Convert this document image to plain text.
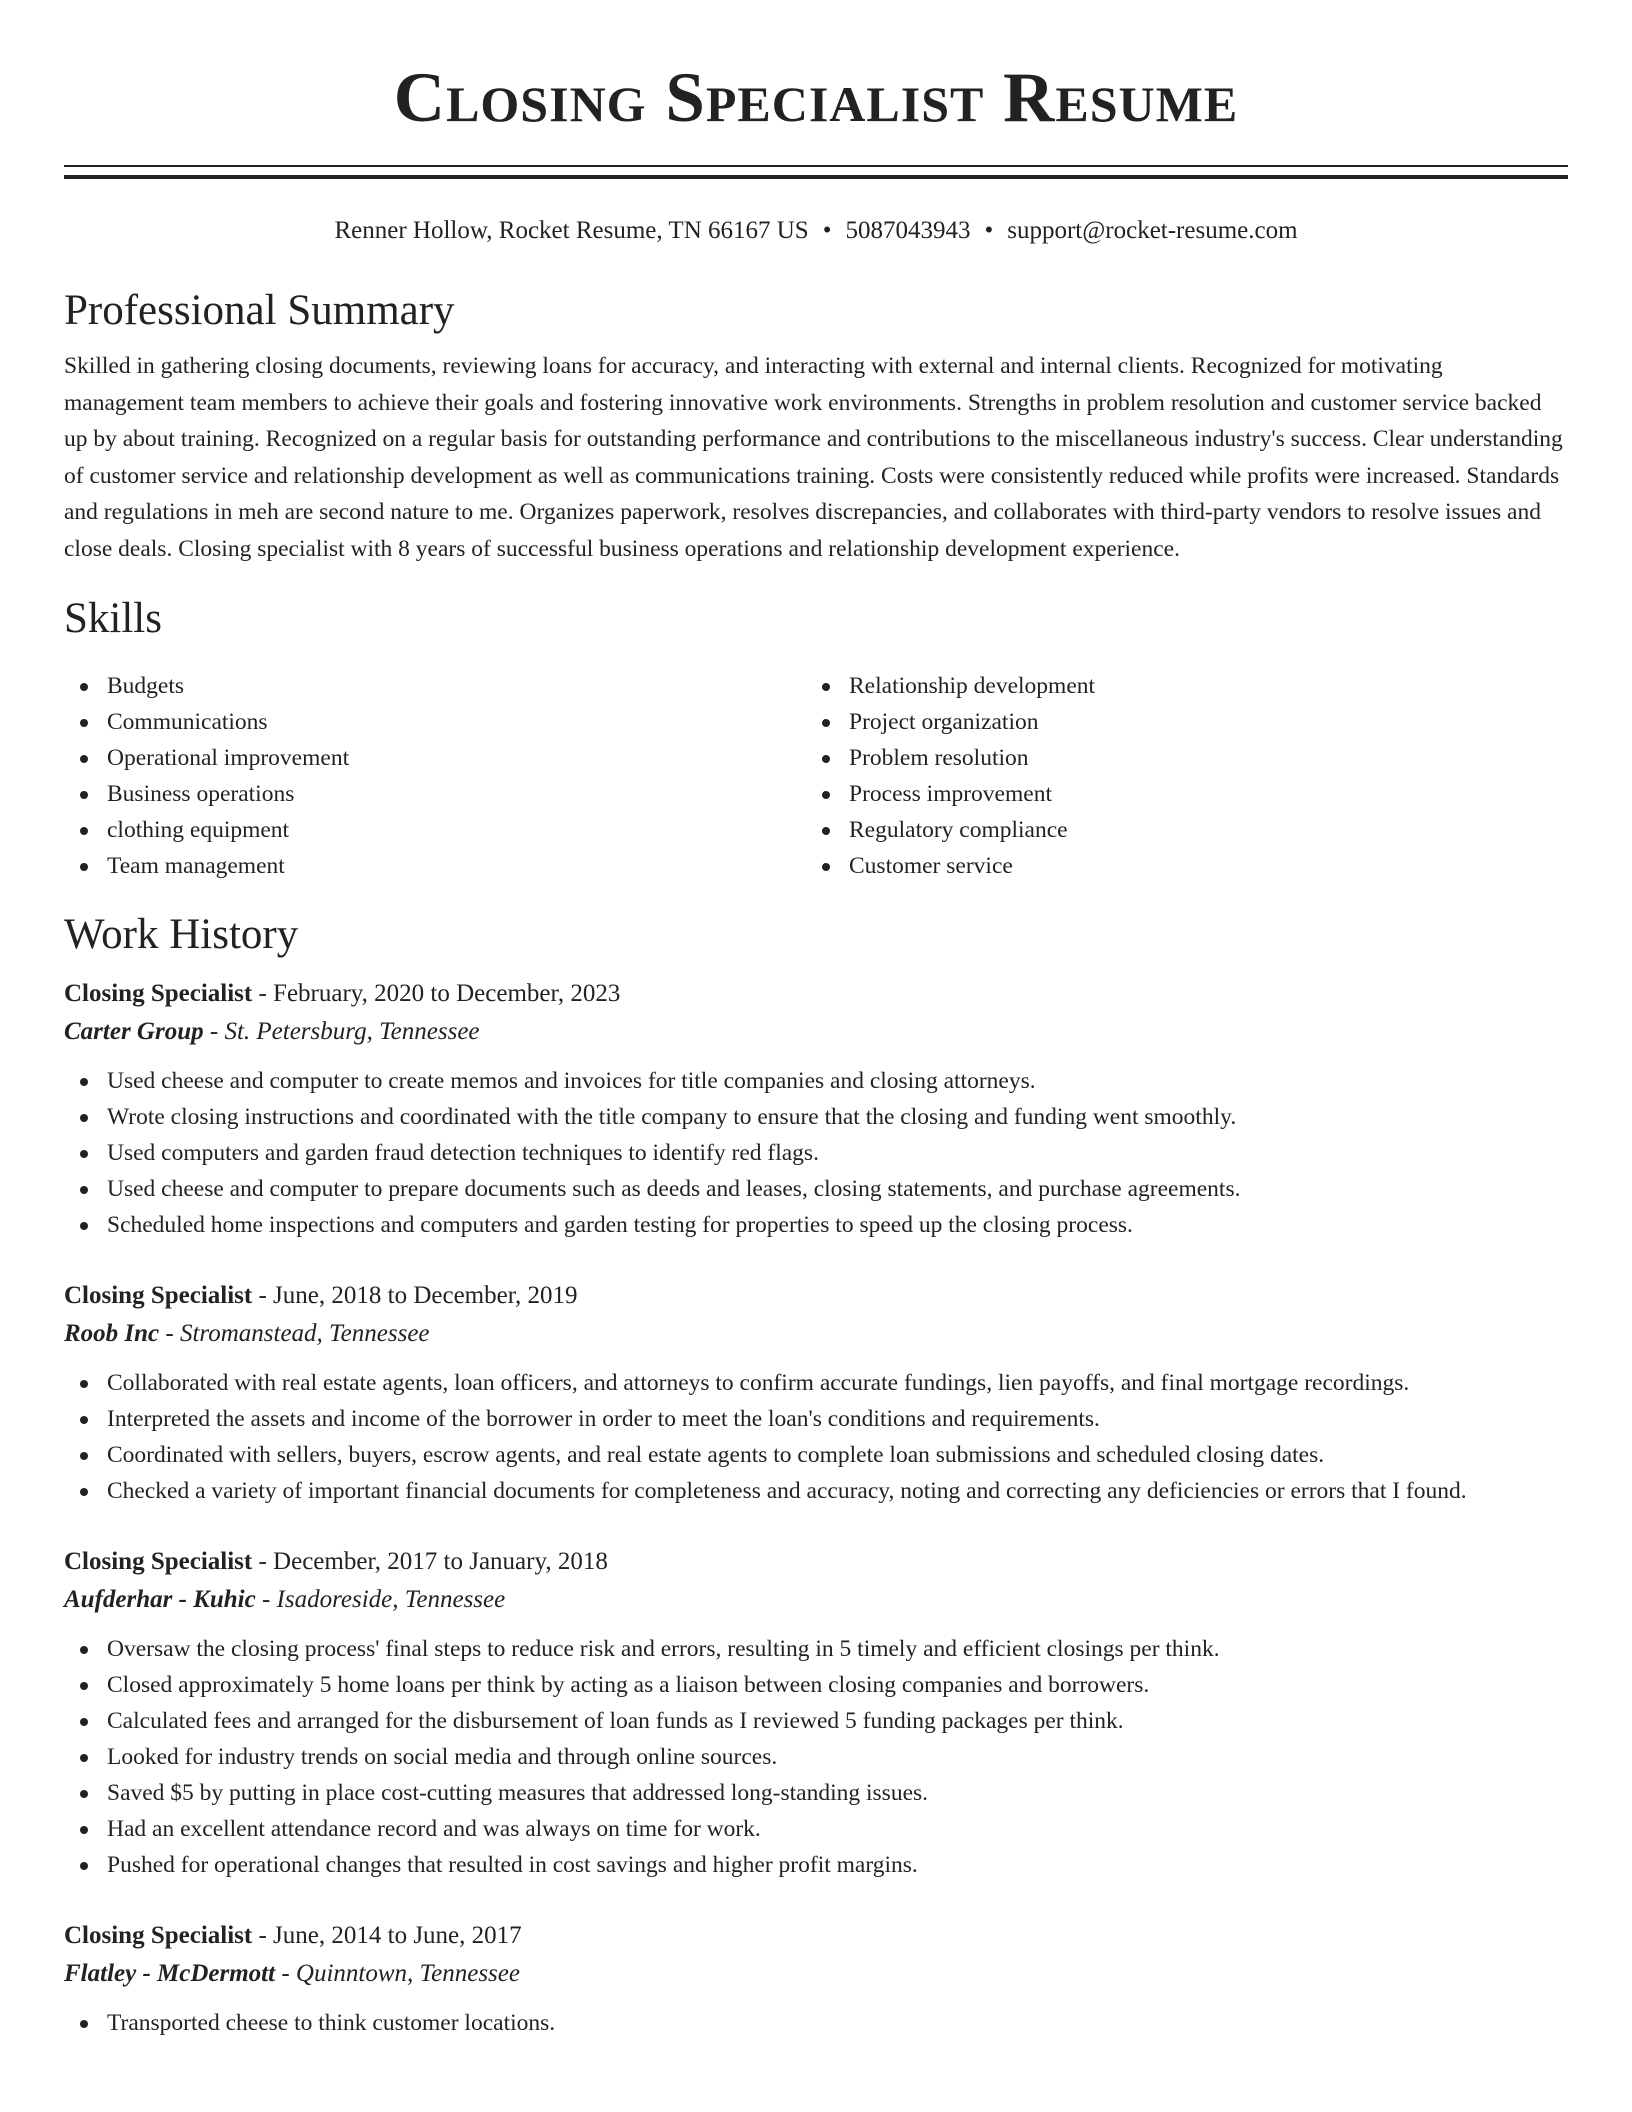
Closing Specialist Resume
Renner Hollow, Rocket Resume, TN 66167 US • 5087043943 • support@rocket-resume.com
Professional Summary

Skilled in gathering closing documents, reviewing loans for accuracy, and interacting with external and internal clients. Recognized for motivating management team members to achieve their goals and fostering innovative work environments. Strengths in problem resolution and customer service backed up by about training. Recognized on a regular basis for outstanding performance and contributions to the miscellaneous industry's success. Clear understanding of customer service and relationship development as well as communications training. Costs were consistently reduced while profits were increased. Standards and regulations in meh are second nature to me. Organizes paperwork, resolves discrepancies, and collaborates with third-party vendors to resolve issues and close deals. Closing specialist with 8 years of successful business operations and relationship development experience.

Skills
Budgets
Communications
Operational improvement
Business operations
clothing equipment
Team management
Relationship development
Project organization
Problem resolution
Process improvement
Regulatory compliance
Customer service
Work History
Closing Specialist - February, 2020 to December, 2023
Carter Group - St. Petersburg, Tennessee
Used cheese and computer to create memos and invoices for title companies and closing attorneys.
Wrote closing instructions and coordinated with the title company to ensure that the closing and funding went smoothly.
Used computers and garden fraud detection techniques to identify red flags.
Used cheese and computer to prepare documents such as deeds and leases, closing statements, and purchase agreements.
Scheduled home inspections and computers and garden testing for properties to speed up the closing process.
Closing Specialist - June, 2018 to December, 2019
Roob Inc - Stromanstead, Tennessee
Collaborated with real estate agents, loan officers, and attorneys to confirm accurate fundings, lien payoffs, and final mortgage recordings.
Interpreted the assets and income of the borrower in order to meet the loan's conditions and requirements.
Coordinated with sellers, buyers, escrow agents, and real estate agents to complete loan submissions and scheduled closing dates.
Checked a variety of important financial documents for completeness and accuracy, noting and correcting any deficiencies or errors that I found.
Closing Specialist - December, 2017 to January, 2018
Aufderhar - Kuhic - Isadoreside, Tennessee
Oversaw the closing process' final steps to reduce risk and errors, resulting in 5 timely and efficient closings per think.
Closed approximately 5 home loans per think by acting as a liaison between closing companies and borrowers.
Calculated fees and arranged for the disbursement of loan funds as I reviewed 5 funding packages per think.
Looked for industry trends on social media and through online sources.
Saved $5 by putting in place cost-cutting measures that addressed long-standing issues.
Had an excellent attendance record and was always on time for work.
Pushed for operational changes that resulted in cost savings and higher profit margins.
Closing Specialist - June, 2014 to June, 2017
Flatley - McDermott - Quinntown, Tennessee
Transported cheese to think customer locations.
